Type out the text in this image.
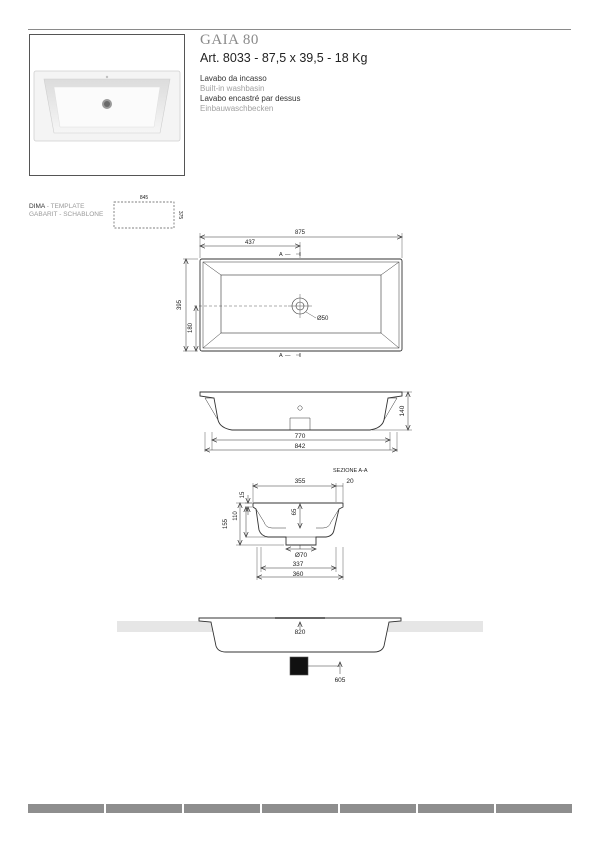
GAIA 80
Art. 8033 - 87,5 x 39,5 - 18 Kg
Lavabo da incasso
Built-in washbasin
Lavabo encastré par dessus
Einbauwaschbecken
DIMA - TEMPLATE
GABARIT - SCHABLONE
845
375
875
437
A —
A —
Ø50
395
180
770
842
140
SEZIONE A-A
355	20
15
155
110	65
Ø70
337
360
820
605
